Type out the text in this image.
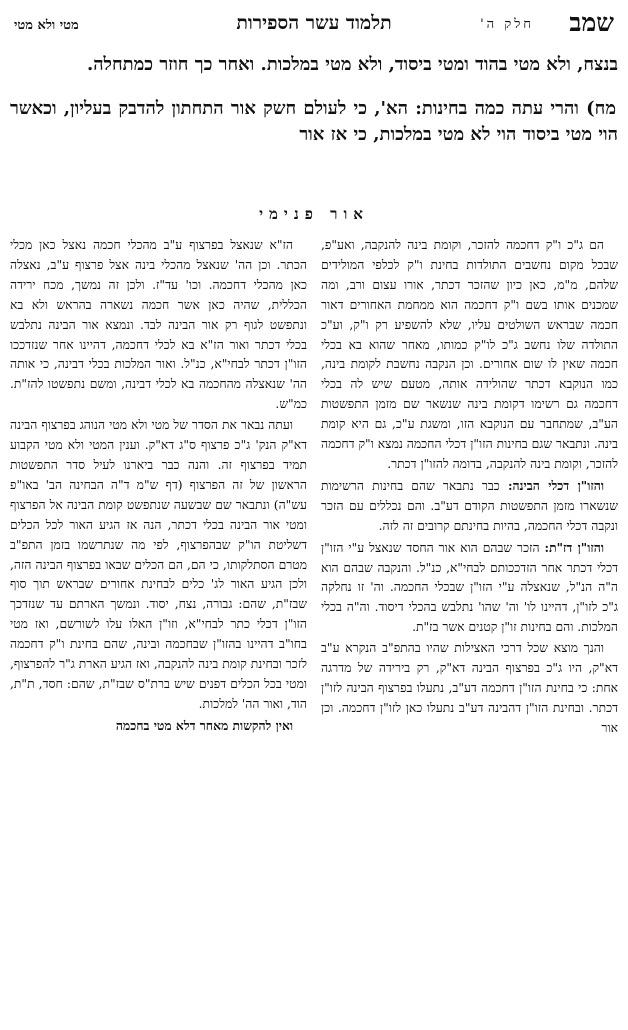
שמב
חלק ה'
תלמוד עשר הספירות
מטי ולא מטי

בנצח, ולא מטי בהוד ומטי ביסוד, ולא מטי במלכות. ואחר כך חוזר כמתחלה.

מח) והרי עתה כמה בחינות: הא', כי לעולם חשק אור התחתון להדבק בעליון, וכאשר הוי מטי ביסוד הוי לא מטי במלכות, כי אז אור

אור פנימי

הם ג"כ ו"ק דחכמה להזכר, וקומת בינה להנקבה, ואע"פ, שבכל מקום נחשבים התולדות בחינת ו"ק לכלפי המולידים שלהם, מ"מ, כאן כיון שהזכר דכתר, אורו עצום ורב, ומה שמכנים אותו בשם ו"ק דחכמה הוא ממחמת האחורים דאור חכמה שבראש השולטים עליו, שלא להשפיע רק ו"ק, וע"כ התולדה שלו נחשב ג"כ לו"ק כמותו, מאחר שהוא בא בכלי חכמה שאין לו שום אחורים. וכן הנקבה נחשבת לקומת בינה, כמו הנוקבא דכתר שהולידה אותה, מטעם שיש לה בכלי דחכמה גם רשימו דקומת בינה שנשאר שם מזמן התפשטות הע"ב, שמתחבר עם הנוקבא הזו, ומשגת ע"כ, גם היא קומת בינה. ונתבאר שגם בחינות הזו"ן דכלי החכמה נמצא ו"ק דחכמה להזכר, וקומת בינה להנקבה, בדומה להזו"ן דכתר.

והזו"ן דכלי הבינה: כבר נתבאר שהם בחינות הרשימות שנשארו מזמן התפשטות הקודם דע"ב. והם נכללים עם הזכר ונקבה דכלי החכמה, בהיות בחינתם קרובים זה לזה.

והזו"ן דז"ת: הזכר שבהם הוא אור החסד שנאצל ע"י הזו"ן דכלי דכתר אחר הזדככותם לבחי"א, כנ"ל. והנקבה שבהם הוא ה"ה הנ"ל, שנאצלה ע"י הזו"ן שבכלי החכמה. וה' זו נחלקה ג"כ לזו"ן, דהיינו לו' וה' שהו' נתלבש בהכלי דיסוד. וה"ה בכלי המלכות. והם בחינות זו"ן קטנים אשר בז"ת.

והנך מוצא שכל דרכי האצילות שהיו בהתפ"ב הנקרא ע"ב דא"ק, היו ג"כ בפרצוף הבינה דא"ק, רק בירידה של מדרגה אחת: כי בחינת הזו"ן דחכמה דע"ב, נתעלו בפרצוף הבינה לזו"ן דכתר. ובחינת הזו"ן דהבינה דע"ב נתעלו כאן לזו"ן דחכמה. וכן אור

הז"א שנאצל בפרצוף ע"ב מהכלי חכמה נאצל כאן מכלי הכתר. וכן הה' שנאצל מהכלי בינה אצל פרצוף ע"ב, נאצלה כאן מהכלי דחכמה. וכו' עד"ז. ולכן זה נמשך, מכח ירידה הכללית, שהיה כאן אשר חכמה נשארה בהראש ולא בא ונתפשט לגוף רק אור הבינה לבד. ונמצא אור הבינה נתלבש בכלי דכתר ואור הז"א בא לכלי דחכמה, דהיינו אחר שנזדככו הזו"ן דכתר לבחי"א, כנ"ל. ואור המלכות בכלי דבינה, כי אותה הה' שנאצלה מהחכמה בא לכלי דבינה, ומשם נתפשטו להז"ת. כמ"ש.

ועתה נבאר את הסדר של מטי ולא מטי הנוהג בפרצוף הבינה דא"ק הנק' ג"כ פרצוף ס"ג דא"ק. וענין המטי ולא מטי הקבוע תמיד בפרצוף זה. והנה כבר ביארנו לעיל סדר התפשטות הראשון של זה הפרצוף (דף ש"מ ד"ה הבחינה הב' באו"פ עש"ה) ונתבאר שם שבשעה שנתפשט קומת הבינה אל הפרצוף ומטי אור הבינה בכלי דכתר, הנה אז הגיע האור לכל הכלים דשליטת הו"ק שבהפרצוף, לפי מה שנתרשמו בזמן התפ"ב מטרם הסתלקותו, כי הם, הם הכלים שבאו בפרצוף הבינה הזה, ולכן הגיע האור לג' כלים לבחינת אחורים שבראש תוך סוף שבז"ת, שהם: גבורה, נצח, יסוד. ונמשך הארתם עד שנזדכך הזו"ן דכלי כתר לבחי"א, וזו"ן האלו עלו לשורשם, ואז מטי בחו"ב דהיינו בהזו"ן שבחכמה ובינה, שהם בחינת ו"ק דחכמה לזכר ובחינת קומת בינה להנקבה, ואז הגיע הארת ג"ר להפרצוף, ומטי בכל הכלים דפנים שיש ברת"ס שבז"ת, שהם: חסד, ת"ת, הוד, ואור הה' למלכות.

ואין להקשות מאחר דלא מטי בחכמה
